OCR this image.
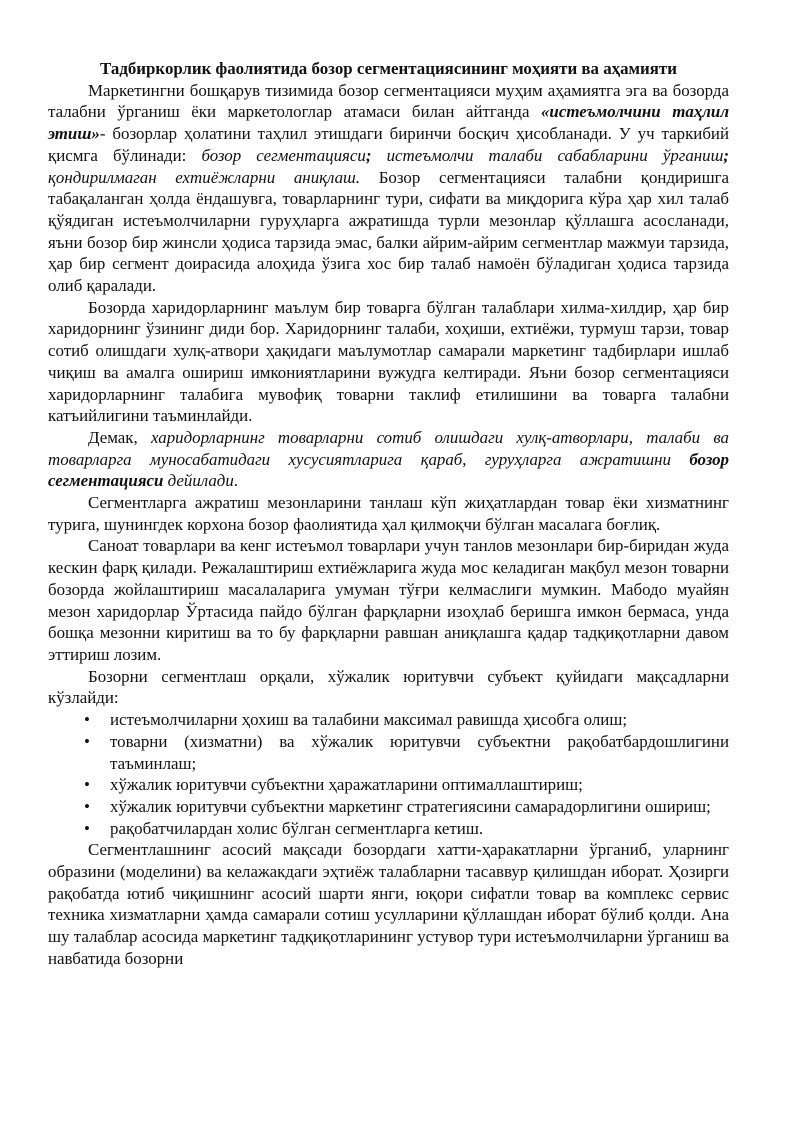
Тадбиркорлик фаолиятида бозор сегментациясининг моҳияти ва аҳамияти

Маркетингни бошқарув тизимида бозор сегментацияси муҳим аҳамиятга эга ва бозорда талабни ўрганиш ёки маркетологлар атамаси билан айтганда «истеъмолчини таҳлил этиш»- бозорлар ҳолатини таҳлил этишдаги биринчи босқич ҳисобланади. У уч таркибий қисмга бўлинади: бозор сегментацияси; истеъмолчи талаби сабабларини ўрганиш; қондирилмаган ехтиёжларни аниқлаш. Бозор сегментацияси талабни қондиришга табақаланган ҳолда ёндашувга, товарларнинг тури, сифати ва миқдорига кўра ҳар хил талаб қўядиган истеъмолчиларни гуруҳларга ажратишда турли мезонлар қўллашга асосланади, яъни бозор бир жинсли ҳодиса тарзида эмас, балки айрим-айрим сегментлар мажмуи тарзида, ҳар бир сегмент доирасида алоҳида ўзига хос бир талаб намоён бўладиган ҳодиса тарзида олиб қаралади.

Бозорда харидорларнинг маълум бир товарга бўлган талаблари хилма-хилдир, ҳар бир харидорнинг ўзининг диди бор. Харидорнинг талаби, хоҳиши, ехтиёжи, турмуш тарзи, товар сотиб олишдаги хулқ-атвори ҳақидаги маълумотлар самарали маркетинг тадбирлари ишлаб чиқиш ва амалга ошириш имкониятларини вужудга келтиради. Яъни бозор сегментацияси харидорларнинг талабига мувофиқ товарни таклиф етилишини ва товарга талабни катъийлигини таъминлайди.

Демак, харидорларнинг товарларни сотиб олишдаги хулқ-атворлари, талаби ва товарларга муносабатидаги хусусиятларига қараб, гуруҳларга ажратишни бозор сегментацияси дейилади.

Сегментларга ажратиш мезонларини танлаш кўп жиҳатлардан товар ёки хизматнинг турига, шунингдек корхона бозор фаолиятида ҳал қилмоқчи бўлган масалага боғлиқ.

Саноат товарлари ва кенг истеъмол товарлари учун танлов мезонлари бир-биридан жуда кескин фарқ қилади. Режалаштириш ехтиёжларига жуда мос келадиган мақбул мезон товарни бозорда жойлаштириш масалаларига умуман тўғри келмаслиги мумкин. Мабодо муайян мезон харидорлар Ўртасида пайдо бўлган фарқларни изоҳлаб беришга имкон бермаса, унда бошқа мезонни киритиш ва то бу фарқларни равшан аниқлашга қадар тадқиқотларни давом эттириш лозим.

Бозорни сегментлаш орқали, хўжалик юритувчи субъект қуйидаги мақсадларни кўзлайди:

• истеъмолчиларни ҳохиш ва талабини максимал равишда ҳисобга олиш;
• товарни (хизматни) ва хўжалик юритувчи субъектни рақобатбардошлигини таъминлаш;
• хўжалик юритувчи субъектни ҳаражатларини оптималлаштириш;
• хўжалик юритувчи субъектни маркетинг стратегиясини самарадорлигини ошириш;
• рақобатчилардан холис бўлган сегментларга кетиш.

Сегментлашнинг асосий мақсади бозордаги хатти-ҳаракатларни ўрганиб, уларнинг образини (моделини) ва келажакдаги эҳтиёж талабларни тасаввур қилишдан иборат. Ҳозирги рақобатда ютиб чиқишнинг асосий шарти янги, юқори сифатли товар ва комплекс сервис техника хизматларни ҳамда самарали сотиш усулларини қўллашдан иборат бўлиб қолди. Ана шу талаблар асосида маркетинг тадқиқотларининг устувор тури истеъмолчиларни ўрганиш ва навбатида бозорни
